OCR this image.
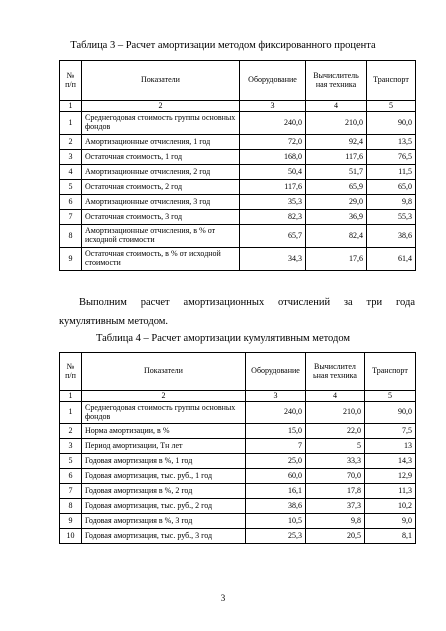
Таблица 3 – Расчет амортизации методом фиксированного процента
№ п/п	Показатели	Оборудование	Вычислитель ная техника	Транспорт
1	2	3	4	5
1	Среднегодовая стоимость группы основных фондов	240,0	210,0	90,0
2	Амортизационные отчисления, 1 год	72,0	92,4	13,5
3	Остаточная стоимость, 1 год	168,0	117,6	76,5
4	Амортизационные отчисления, 2 год	50,4	51,7	11,5
5	Остаточная стоимость, 2 год	117,6	65,9	65,0
6	Амортизационные отчисления, 3 год	35,3	29,0	9,8
7	Остаточная стоимость, 3 год	82,3	36,9	55,3
8	Амортизационные отчисления, в % от исходной стоимости	65,7	82,4	38,6
9	Остаточная стоимость, в % от исходной стоимости	34,3	17,6	61,4
Выполним расчет амортизационных отчислений за три года
кумулятивным методом.
Таблица 4 – Расчет амортизации кумулятивным методом
№ п/п	Показатели	Оборудование	Вычислител ьная техника	Транспорт
1	2	3	4	5
1	Среднегодовая стоимость группы основных фондов	240,0	210,0	90,0
2	Норма амортизации, в %	15,0	22,0	7,5
3	Период амортизации, Тн лет	7	5	13
5	Годовая амортизация в %, 1 год	25,0	33,3	14,3
6	Годовая амортизация, тыс. руб., 1 год	60,0	70,0	12,9
7	Годовая амортизация в %, 2 год	16,1	17,8	11,3
8	Годовая амортизация, тыс. руб., 2 год	38,6	37,3	10,2
9	Годовая амортизация в %, 3 год	10,5	9,8	9,0
10	Годовая амортизация, тыс. руб., 3 год	25,3	20,5	8,1
3
